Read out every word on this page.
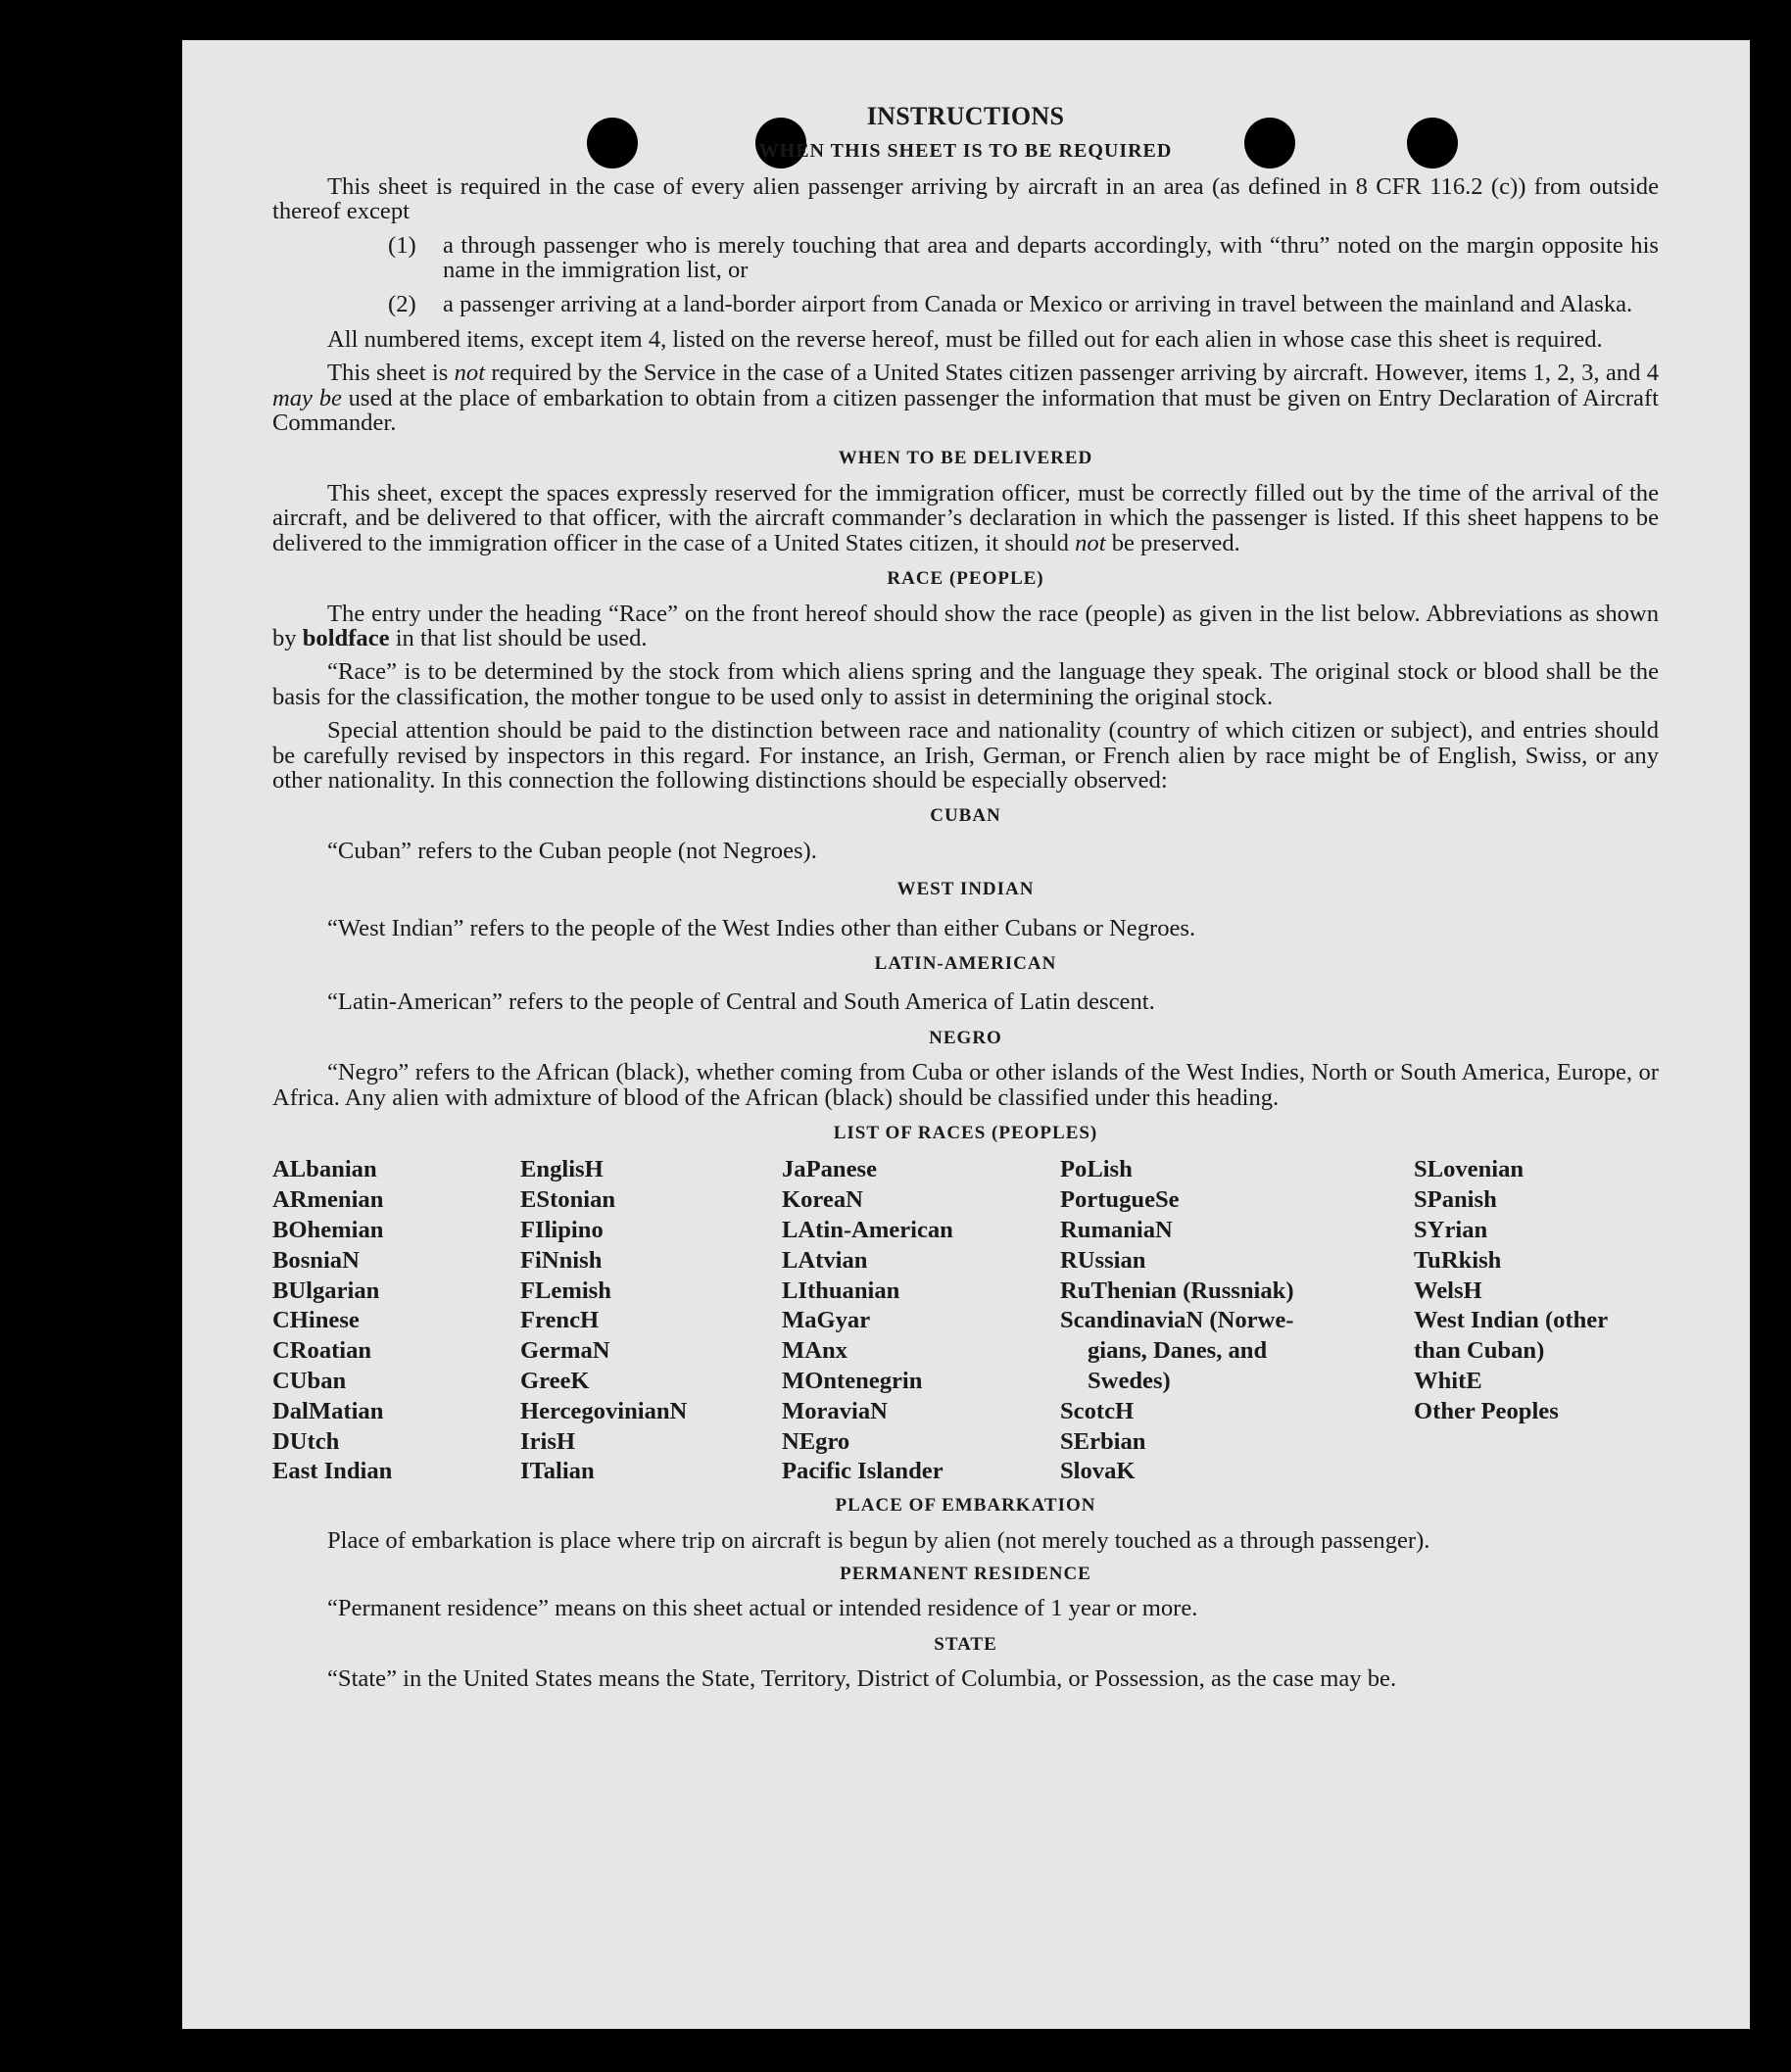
INSTRUCTIONS
WHEN THIS SHEET IS TO BE REQUIRED

This sheet is required in the case of every alien passenger arriving by aircraft in an area (as defined in 8 CFR 116.2 (c)) from outside thereof except

(1)	a through passenger who is merely touching that area and departs accordingly, with “thru” noted on the margin opposite his name in the immigration list, or
(2)	a passenger arriving at a land-border airport from Canada or Mexico or arriving in travel between the mainland and Alaska.

All numbered items, except item 4, listed on the reverse hereof, must be filled out for each alien in whose case this sheet is required.

This sheet is not required by the Service in the case of a United States citizen passenger arriving by aircraft. However, items 1, 2, 3, and 4 may be used at the place of embarkation to obtain from a citizen passenger the information that must be given on Entry Declaration of Aircraft Commander.

WHEN TO BE DELIVERED

This sheet, except the spaces expressly reserved for the immigration officer, must be correctly filled out by the time of the arrival of the aircraft, and be delivered to that officer, with the aircraft commander’s declaration in which the passenger is listed. If this sheet happens to be delivered to the immigration officer in the case of a United States citizen, it should not be preserved.

RACE (PEOPLE)

The entry under the heading “Race” on the front hereof should show the race (people) as given in the list below. Abbreviations as shown by boldface in that list should be used.

“Race” is to be determined by the stock from which aliens spring and the language they speak. The original stock or blood shall be the basis for the classification, the mother tongue to be used only to assist in determining the original stock.

Special attention should be paid to the distinction between race and nationality (country of which citizen or subject), and entries should be carefully revised by inspectors in this regard. For instance, an Irish, German, or French alien by race might be of English, Swiss, or any other nationality. In this connection the following distinctions should be especially observed:

CUBAN

“Cuban” refers to the Cuban people (not Negroes).

WEST INDIAN

“West Indian” refers to the people of the West Indies other than either Cubans or Negroes.

LATIN-AMERICAN

“Latin-American” refers to the people of Central and South America of Latin descent.

NEGRO

“Negro” refers to the African (black), whether coming from Cuba or other islands of the West Indies, North or South America, Europe, or Africa. Any alien with admixture of blood of the African (black) should be classified under this heading.

LIST OF RACES (PEOPLES)
ALbanian
ARmenian
BOhemian
BosniaN
BUlgarian
CHinese
CRoatian
CUban
DalMatian
DUtch
East Indian
EnglisH
EStonian
FIlipino
FiNnish
FLemish
FrencH
GermaN
GreeK
HercegovinianN
IrisH
ITalian
JaPanese
KoreaN
LAtin-American
LAtvian
LIthuanian
MaGyar
MAnx
MOntenegrin
MoraviaN
NEgro
Pacific Islander
PoLish
PortugueSe
RumaniaN
RUssian
RuThenian (Russniak)
ScandinaviaN (Norwe-
gians, Danes, and
Swedes)
ScotcH
SErbian
SlovaK
SLovenian
SPanish
SYrian
TuRkish
WelsH
West Indian (other
than Cuban)
WhitE
Other Peoples
PLACE OF EMBARKATION

Place of embarkation is place where trip on aircraft is begun by alien (not merely touched as a through passenger).

PERMANENT RESIDENCE

“Permanent residence” means on this sheet actual or intended residence of 1 year or more.

STATE

“State” in the United States means the State, Territory, District of Columbia, or Possession, as the case may be.
